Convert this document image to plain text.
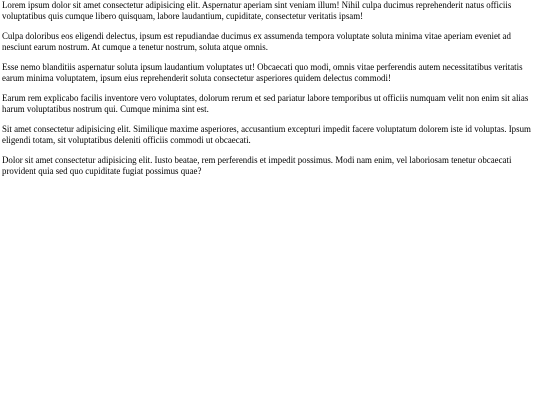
Lorem ipsum dolor sit amet consectetur adipisicing elit. Aspernatur aperiam sint veniam illum! Nihil culpa ducimus reprehenderit natus officiis voluptatibus quis cumque libero quisquam, labore laudantium, cupiditate, consectetur veritatis ipsam!

Culpa doloribus eos eligendi delectus, ipsum est repudiandae ducimus ex assumenda tempora voluptate soluta minima vitae aperiam eveniet ad nesciunt earum nostrum. At cumque a tenetur nostrum, soluta atque omnis.

Esse nemo blanditiis aspernatur soluta ipsum laudantium voluptates ut! Obcaecati quo modi, omnis vitae perferendis autem necessitatibus veritatis earum minima voluptatem, ipsum eius reprehenderit soluta consectetur asperiores quidem delectus commodi!

Earum rem explicabo facilis inventore vero voluptates, dolorum rerum et sed pariatur labore temporibus ut officiis numquam velit non enim sit alias harum voluptatibus nostrum qui. Cumque minima sint est.

Sit amet consectetur adipisicing elit. Similique maxime asperiores, accusantium excepturi impedit facere voluptatum dolorem iste id voluptas. Ipsum eligendi totam, sit voluptatibus deleniti officiis commodi ut obcaecati.

Dolor sit amet consectetur adipisicing elit. Iusto beatae, rem perferendis et impedit possimus. Modi nam enim, vel laboriosam tenetur obcaecati provident quia sed quo cupiditate fugiat possimus quae?
